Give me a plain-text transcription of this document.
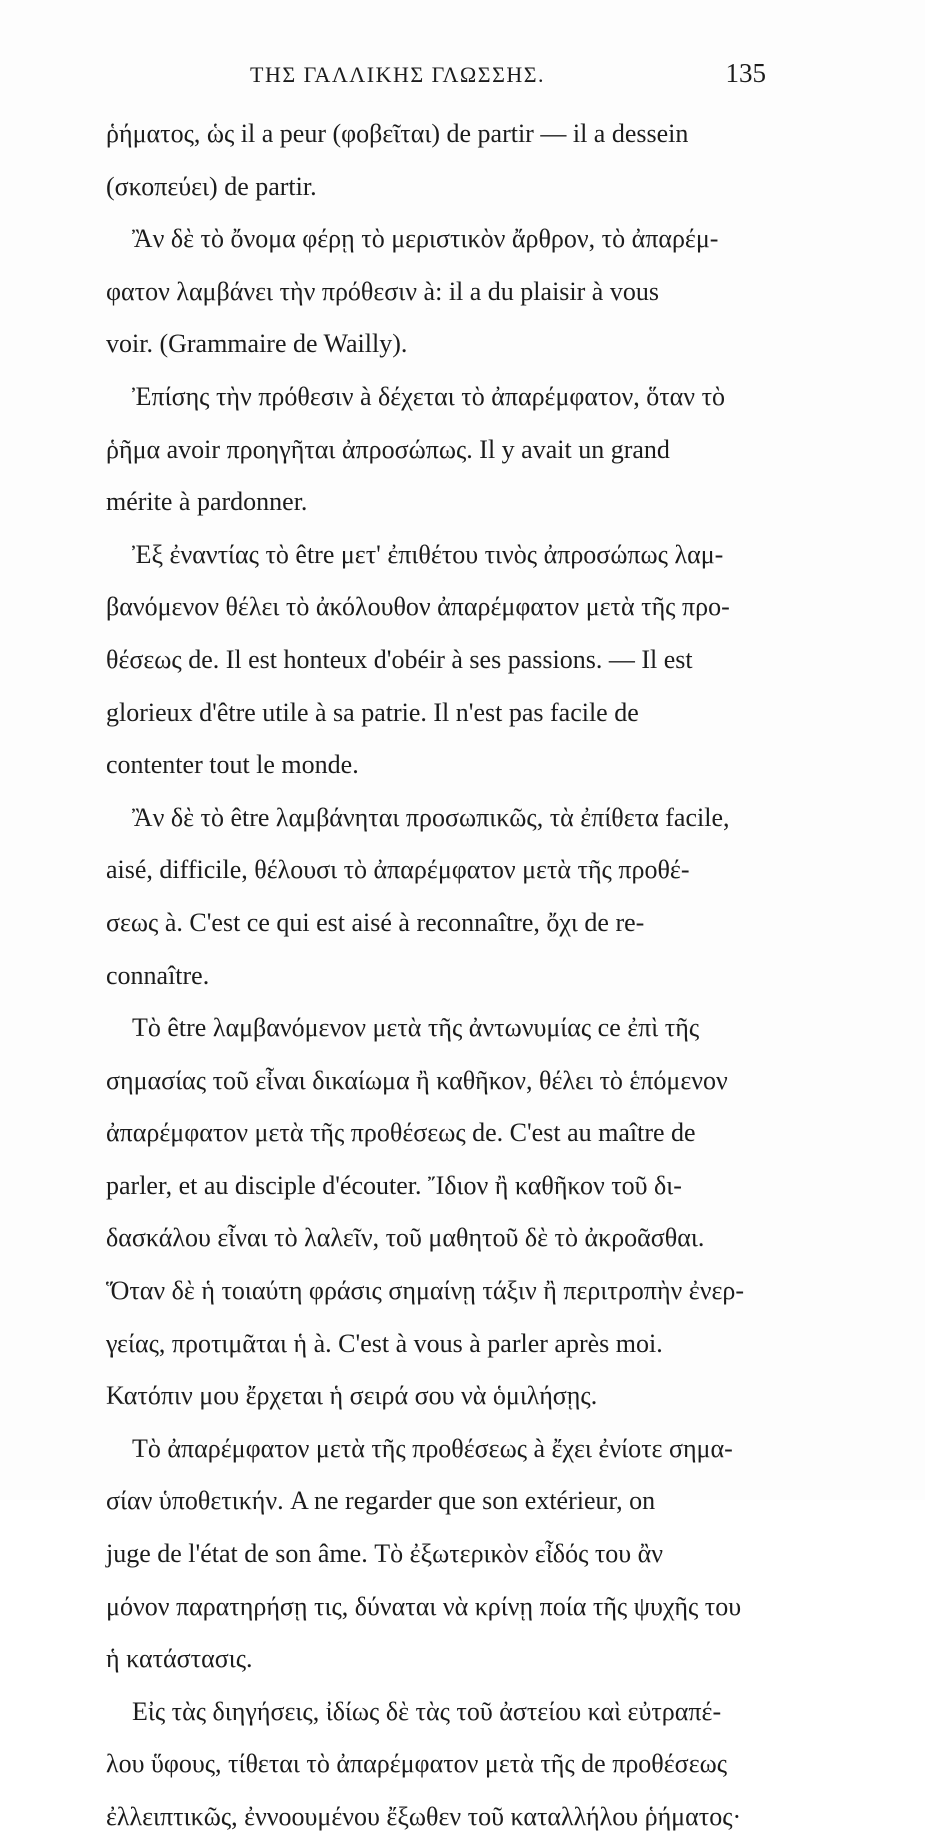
ΤΗΣ ΓΑΛΛΙΚΗΣ ΓΛΩΣΣΗΣ.	135
ῥήματος, ὡς il a peur (φοβεῖται) de partir — il a dessein
(σκοπεύει) de partir.
Ἂν δὲ τὸ ὄνομα φέρῃ τὸ μεριστικὸν ἄρθρον, τὸ ἀπαρέμ-
φατον λαμβάνει τὴν πρόθεσιν à: il a du plaisir à vous
voir. (Grammaire de Wailly).
Ἐπίσης τὴν πρόθεσιν à δέχεται τὸ ἀπαρέμφατον, ὅταν τὸ
ῥῆμα avoir προηγῆται ἀπροσώπως. Il y avait un grand
mérite à pardonner.
Ἐξ ἐναντίας τὸ être μετ' ἐπιθέτου τινὸς ἀπροσώπως λαμ-
βανόμενον θέλει τὸ ἀκόλουθον ἀπαρέμφατον μετὰ τῆς προ-
θέσεως de. Il est honteux d'obéir à ses passions. — Il est
glorieux d'être utile à sa patrie. Il n'est pas facile de
contenter tout le monde.
Ἂν δὲ τὸ être λαμβάνηται προσωπικῶς, τὰ ἐπίθετα facile,
aisé, difficile, θέλουσι τὸ ἀπαρέμφατον μετὰ τῆς προθέ-
σεως à. C'est ce qui est aisé à reconnaître, ὄχι de re-
connaître.
Τὸ être λαμβανόμενον μετὰ τῆς ἀντωνυμίας ce ἐπὶ τῆς
σημασίας τοῦ εἶναι δικαίωμα ἢ καθῆκον, θέλει τὸ ἑπόμενον
ἀπαρέμφατον μετὰ τῆς προθέσεως de. C'est au maître de
parler, et au disciple d'écouter. Ἴδιον ἢ καθῆκον τοῦ δι-
δασκάλου εἶναι τὸ λαλεῖν, τοῦ μαθητοῦ δὲ τὸ ἀκροᾶσθαι.
Ὅταν δὲ ἡ τοιαύτη φράσις σημαίνῃ τάξιν ἢ περιτροπὴν ἐνερ-
γείας, προτιμᾶται ἡ à. C'est à vous à parler après moi.
Κατόπιν μου ἔρχεται ἡ σειρά σου νὰ ὁμιλήσῃς.
Τὸ ἀπαρέμφατον μετὰ τῆς προθέσεως à ἔχει ἐνίοτε σημα-
σίαν ὑποθετικήν. A ne regarder que son extérieur, on
juge de l'état de son âme. Τὸ ἐξωτερικὸν εἶδός του ἂν
μόνον παρατηρήσῃ τις, δύναται νὰ κρίνῃ ποία τῆς ψυχῆς του
ἡ κατάστασις.
Εἰς τὰς διηγήσεις, ἰδίως δὲ τὰς τοῦ ἀστείου καὶ εὐτραπέ-
λου ὕφους, τίθεται τὸ ἀπαρέμφατον μετὰ τῆς de προθέσεως
ἐλλειπτικῶς, ἐννοουμένου ἔξωθεν τοῦ καταλλήλου ῥήματος·
